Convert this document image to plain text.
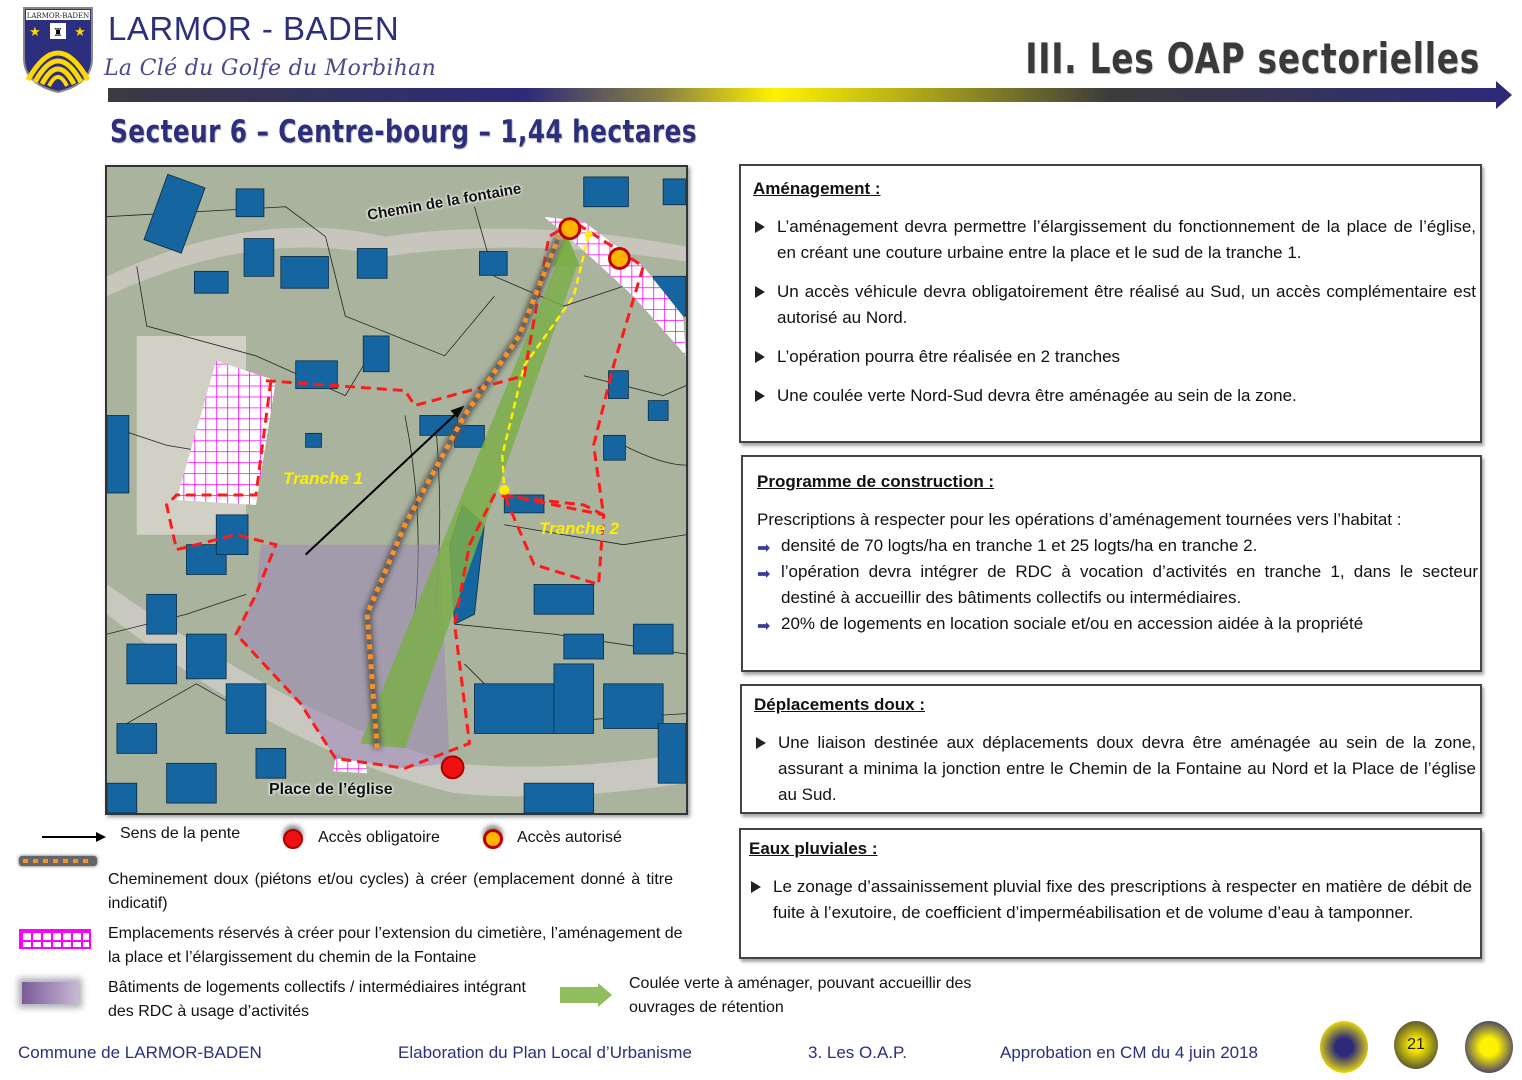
LARMOR-BADEN
★	★
♜ LARMOR - BADEN
La Clé du Golfe du Morbihan	III. Les OAP sectorielles
Secteur 6 – Centre-bourg – 1,44 hectares
Chemin de la fontaine
Place de l’église
Tranche 1
Tranche 2
Aménagement :
L’aménagement devra permettre l’élargissement du fonctionnement de la place de l’église, en créant une couture urbaine entre la place et le sud de la tranche 1.
Un accès véhicule devra obligatoirement être réalisé au Sud, un accès complémentaire est autorisé au Nord.
L’opération pourra être réalisée en 2 tranches
Une coulée verte Nord-Sud devra être aménagée au sein de la zone.
Programme de construction :

Prescriptions à respecter pour les opérations d’aménagement tournées vers l’habitat :

➡ densité de 70 logts/ha en tranche 1 et 25 logts/ha en tranche 2.
➡ l’opération devra intégrer de RDC à vocation d’activités en tranche 1, dans le secteur destiné à accueillir des bâtiments collectifs ou intermédiaires.
➡ 20% de logements en location sociale et/ou en accession aidée à la propriété
Déplacements doux :
Une liaison destinée aux déplacements doux devra être aménagée au sein de la zone, assurant a minima la jonction entre le Chemin de la Fontaine au Nord et la Place de l’église au Sud.
Eaux pluviales :
Le zonage d’assainissement pluvial fixe des prescriptions à respecter en matière de débit de fuite à l’exutoire, de coefficient d’imperméabilisation et de volume d’eau à tamponner.
Sens de la pente	Accès obligatoire	Accès autorisé
Cheminement doux (piétons et/ou cycles) à créer (emplacement donné à titre indicatif)
Emplacements réservés à créer pour l’extension du cimetière, l’aménagement de la place et l’élargissement du chemin de la Fontaine
Bâtiments de logements collectifs / intermédiaires intégrant des RDC à usage d’activités
Coulée verte à aménager, pouvant accueillir des ouvrages de rétention
Commune de LARMOR-BADEN	Elaboration du Plan Local d’Urbanisme	3. Les O.A.P.	Approbation en CM du 4 juin 2018	21
